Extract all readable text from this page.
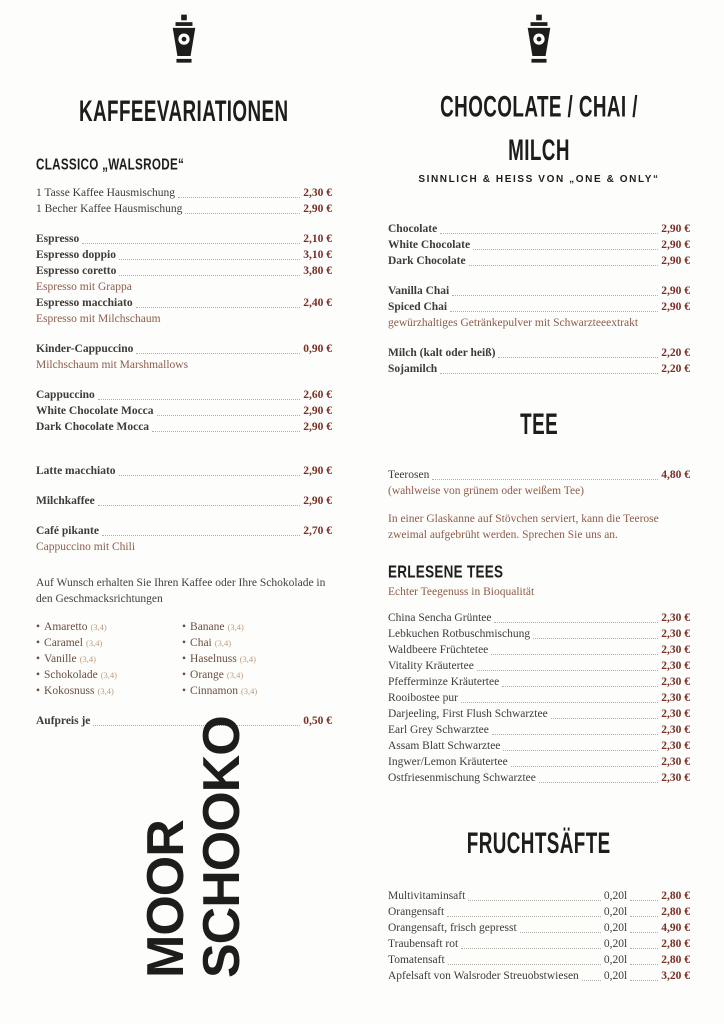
KAFFEEVARIATIONEN
CLASSICO „WALSRODE“
1 Tasse Kaffee Hausmischung	2,30 €
1 Becher Kaffee Hausmischung	2,90 €
Espresso	2,10 €
Espresso doppio	3,10 €
Espresso coretto	3,80 €
Espresso mit Grappa
Espresso macchiato	2,40 €
Espresso mit Milchschaum
Kinder-Cappuccino	0,90 €
Milchschaum mit Marshmallows
Cappuccino	2,60 €
White Chocolate Mocca	2,90 €
Dark Chocolate Mocca	2,90 €
Latte macchiato	2,90 €
Milchkaffee	2,90 €
Café pikante	2,70 €
Cappuccino mit Chili

Auf Wunsch erhalten Sie Ihren Kaffee oder Ihre Schokolade in den Geschmacksrichtungen

• Amaretto (3,4)
• Caramel (3,4)
• Vanille (3,4)
• Schokolade (3,4)
• Kokosnuss (3,4)
• Banane (3,4)
• Chai (3,4)
• Haselnuss (3,4)
• Orange (3,4)
• Cinnamon (3,4)
Aufpreis je	0,50 €
CHOCOLATE / CHAI / MILCH
SINNLICH & HEISS VON „ONE & ONLY“
Chocolate	2,90 €
White Chocolate	2,90 €
Dark Chocolate	2,90 €
Vanilla Chai	2,90 €
Spiced Chai	2,90 €
gewürzhaltiges Getränkepulver mit Schwarzteeextrakt
Milch (kalt oder heiß)	2,20 €
Sojamilch	2,20 €
TEE
Teerosen	4,80 €
(wahlweise von grünem oder weißem Tee)

In einer Glaskanne auf Stövchen serviert, kann die Teerose zweimal aufgebrüht werden. Sprechen Sie uns an.

ERLESENE TEES
Echter Teegenuss in Bioqualität
China Sencha Grüntee	2,30 €
Lebkuchen Rotbuschmischung	2,30 €
Waldbeere Früchtetee	2,30 €
Vitality Kräutertee	2,30 €
Pfefferminze Kräutertee	2,30 €
Rooibostee pur	2,30 €
Darjeeling, First Flush Schwarztee	2,30 €
Earl Grey Schwarztee	2,30 €
Assam Blatt Schwarztee	2,30 €
Ingwer/Lemon Kräutertee	2,30 €
Ostfriesenmischung Schwarztee	2,30 €
FRUCHTSÄFTE
Multivitaminsaft	0,20l	2,80 €
Orangensaft	0,20l	2,80 €
Orangensaft, frisch gepresst	0,20l	4,90 €
Traubensaft rot	0,20l	2,80 €
Tomatensaft	0,20l	2,80 €
Apfelsaft von Walsroder Streuobstwiesen 0,20l	3,20 €
MOOR
SCHOOKO
